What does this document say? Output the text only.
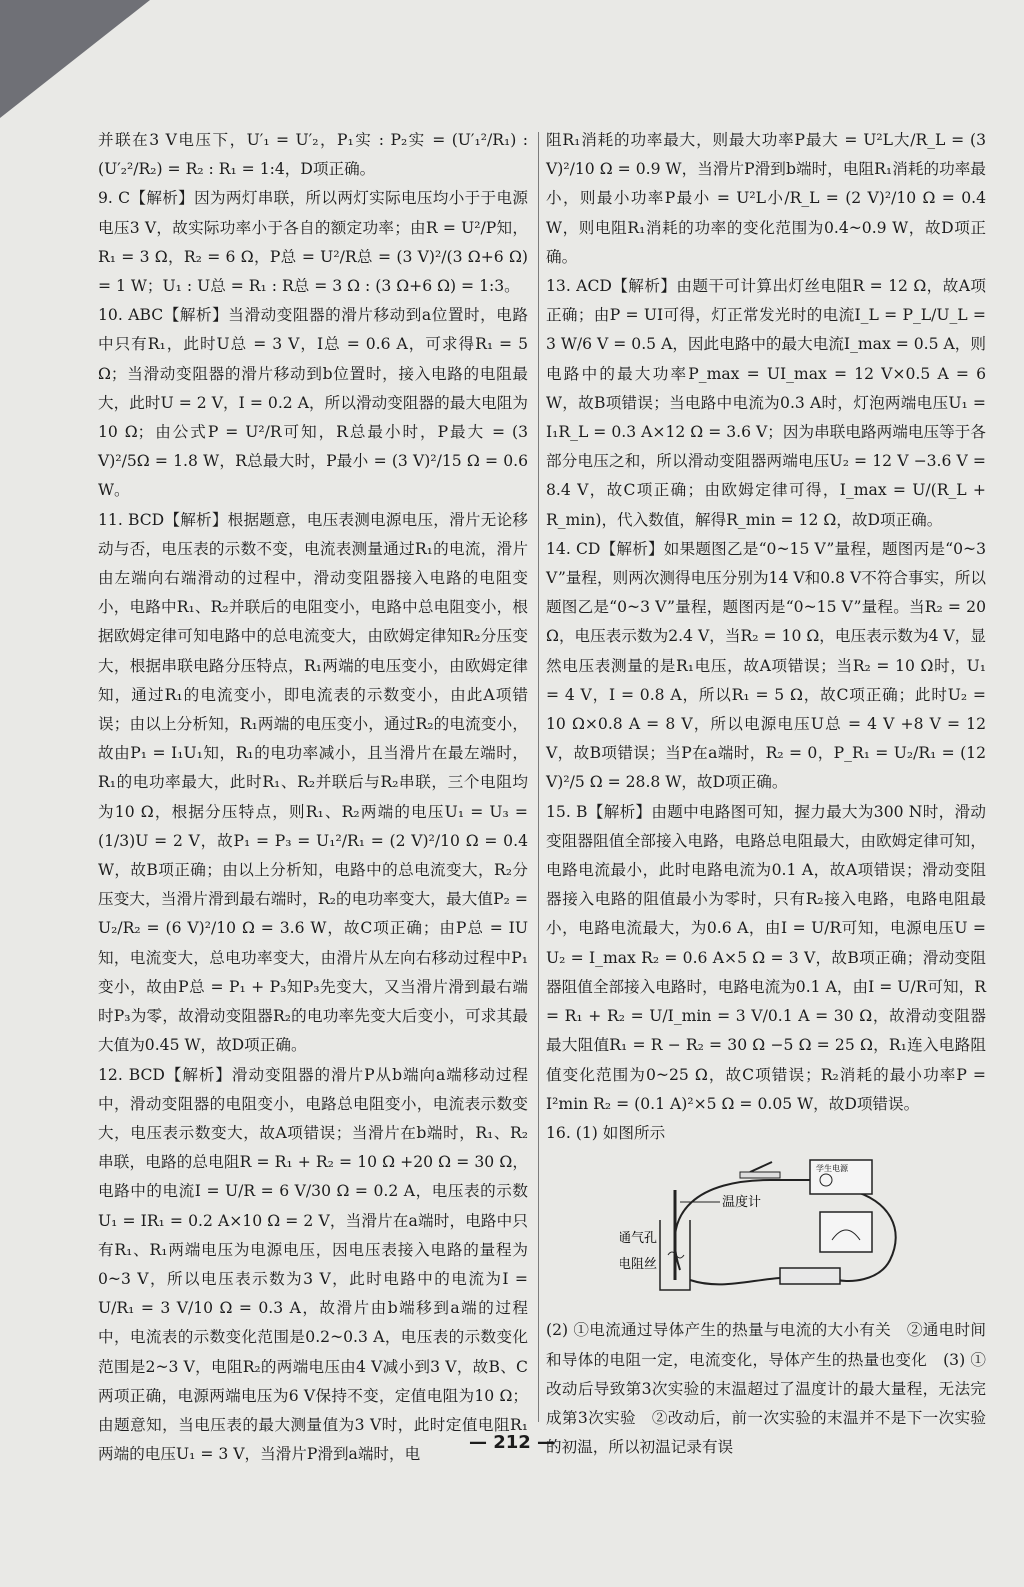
并联在3 V电压下，U′₁ = U′₂，P₁实 : P₂实 = (U′₁²/R₁) : (U′₂²/R₂) = R₂ : R₁ = 1:4，D项正确。

9. C【解析】因为两灯串联，所以两灯实际电压均小于于电源电压3 V，故实际功率小于各自的额定功率；由R = U²/P知，R₁ = 3 Ω，R₂ = 6 Ω，P总 = U²/R总 = (3 V)²/(3 Ω+6 Ω) = 1 W；U₁ : U总 = R₁ : R总 = 3 Ω : (3 Ω+6 Ω) = 1:3。

10. ABC【解析】当滑动变阻器的滑片移动到a位置时，电路中只有R₁，此时U总 = 3 V，I总 = 0.6 A，可求得R₁ = 5 Ω；当滑动变阻器的滑片移动到b位置时，接入电路的电阻最大，此时U = 2 V，I = 0.2 A，所以滑动变阻器的最大电阻为10 Ω；由公式P = U²/R可知，R总最小时，P最大 = (3 V)²/5Ω = 1.8 W，R总最大时，P最小 = (3 V)²/15 Ω = 0.6 W。

11. BCD【解析】根据题意，电压表测电源电压，滑片无论移动与否，电压表的示数不变，电流表测量通过R₁的电流，滑片由左端向右端滑动的过程中，滑动变阻器接入电路的电阻变小，电路中R₁、R₂并联后的电阻变小，电路中总电阻变小，根据欧姆定律可知电路中的总电流变大，由欧姆定律知R₂分压变大，根据串联电路分压特点，R₁两端的电压变小，由欧姆定律知，通过R₁的电流变小，即电流表的示数变小，由此A项错误；由以上分析知，R₁两端的电压变小，通过R₂的电流变小，故由P₁ = I₁U₁知，R₁的电功率减小，且当滑片在最左端时，R₁的电功率最大，此时R₁、R₂并联后与R₂串联，三个电阻均为10 Ω，根据分压特点，则R₁、R₂两端的电压U₁ = U₃ = (1/3)U = 2 V，故P₁ = P₃ = U₁²/R₁ = (2 V)²/10 Ω = 0.4 W，故B项正确；由以上分析知，电路中的总电流变大，R₂分压变大，当滑片滑到最右端时，R₂的电功率变大，最大值P₂ = U₂/R₂ = (6 V)²/10 Ω = 3.6 W，故C项正确；由P总 = IU知，电流变大，总电功率变大，由滑片从左向右移动过程中P₁变小，故由P总 = P₁ + P₃知P₃先变大，又当滑片滑到最右端时P₃为零，故滑动变阻器R₂的电功率先变大后变小，可求其最大值为0.45 W，故D项正确。

12. BCD【解析】滑动变阻器的滑片P从b端向a端移动过程中，滑动变阻器的电阻变小，电路总电阻变小，电流表示数变大，电压表示数变大，故A项错误；当滑片在b端时，R₁、R₂串联，电路的总电阻R = R₁ + R₂ = 10 Ω +20 Ω = 30 Ω，电路中的电流I = U/R = 6 V/30 Ω = 0.2 A，电压表的示数U₁ = IR₁ = 0.2 A×10 Ω = 2 V，当滑片在a端时，电路中只有R₁、R₁两端电压为电源电压，因电压表接入电路的量程为0~3 V，所以电压表示数为3 V，此时电路中的电流为I = U/R₁ = 3 V/10 Ω = 0.3 A，故滑片由b端移到a端的过程中，电流表的示数变化范围是0.2~0.3 A，电压表的示数变化范围是2~3 V，电阻R₂的两端电压由4 V减小到3 V，故B、C两项正确，电源两端电压为6 V保持不变，定值电阻为10 Ω；由题意知，当电压表的最大测量值为3 V时，此时定值电阻R₁两端的电压U₁ = 3 V，当滑片P滑到a端时，电

阻R₁消耗的功率最大，则最大功率P最大 = U²L大/R_L = (3 V)²/10 Ω = 0.9 W，当滑片P滑到b端时，电阻R₁消耗的功率最小，则最小功率P最小 = U²L小/R_L = (2 V)²/10 Ω = 0.4 W，则电阻R₁消耗的功率的变化范围为0.4~0.9 W，故D项正确。

13. ACD【解析】由题干可计算出灯丝电阻R = 12 Ω，故A项正确；由P = UI可得，灯正常发光时的电流I_L = P_L/U_L = 3 W/6 V = 0.5 A，因此电路中的最大电流I_max = 0.5 A，则电路中的最大功率P_max = UI_max = 12 V×0.5 A = 6 W，故B项错误；当电路中电流为0.3 A时，灯泡两端电压U₁ = I₁R_L = 0.3 A×12 Ω = 3.6 V；因为串联电路两端电压等于各部分电压之和，所以滑动变阻器两端电压U₂ = 12 V −3.6 V = 8.4 V，故C项正确；由欧姆定律可得，I_max = U/(R_L + R_min)，代入数值，解得R_min = 12 Ω，故D项正确。

14. CD【解析】如果题图乙是“0~15 V”量程，题图丙是“0~3 V”量程，则两次测得电压分别为14 V和0.8 V不符合事实，所以题图乙是“0~3 V”量程，题图丙是“0~15 V”量程。当R₂ = 20 Ω，电压表示数为2.4 V，当R₂ = 10 Ω，电压表示数为4 V，显然电压表测量的是R₁电压，故A项错误；当R₂ = 10 Ω时，U₁ = 4 V，I = 0.8 A，所以R₁ = 5 Ω，故C项正确；此时U₂ = 10 Ω×0.8 A = 8 V，所以电源电压U总 = 4 V +8 V = 12 V，故B项错误；当P在a端时，R₂ = 0，P_R₁ = U₂/R₁ = (12 V)²/5 Ω = 28.8 W，故D项正确。

15. B【解析】由题中电路图可知，握力最大为300 N时，滑动变阻器阻值全部接入电路，电路总电阻最大，由欧姆定律可知，电路电流最小，此时电路电流为0.1 A，故A项错误；滑动变阻器接入电路的阻值最小为零时，只有R₂接入电路，电路电阻最小，电路电流最大，为0.6 A，由I = U/R可知，电源电压U = U₂ = I_max R₂ = 0.6 A×5 Ω = 3 V，故B项正确；滑动变阻器阻值全部接入电路时，电路电流为0.1 A，由I = U/R可知，R = R₁ + R₂ = U/I_min = 3 V/0.1 A = 30 Ω，故滑动变阻器最大阻值R₁ = R − R₂ = 30 Ω −5 Ω = 25 Ω，R₁连入电路阻值变化范围为0~25 Ω，故C项错误；R₂消耗的最小功率P = I²min R₂ = (0.1 A)²×5 Ω = 0.05 W，故D项错误。

16. (1) 如图所示

学生电源
温度计
通气孔
电阻丝

(2) ①电流通过导体产生的热量与电流的大小有关　②通电时间和导体的电阻一定，电流变化，导体产生的热量也变化　(3) ①改动后导致第3次实验的末温超过了温度计的最大量程，无法完成第3次实验　②改动后，前一次实验的末温并不是下一次实验的初温，所以初温记录有误

— 212 —
